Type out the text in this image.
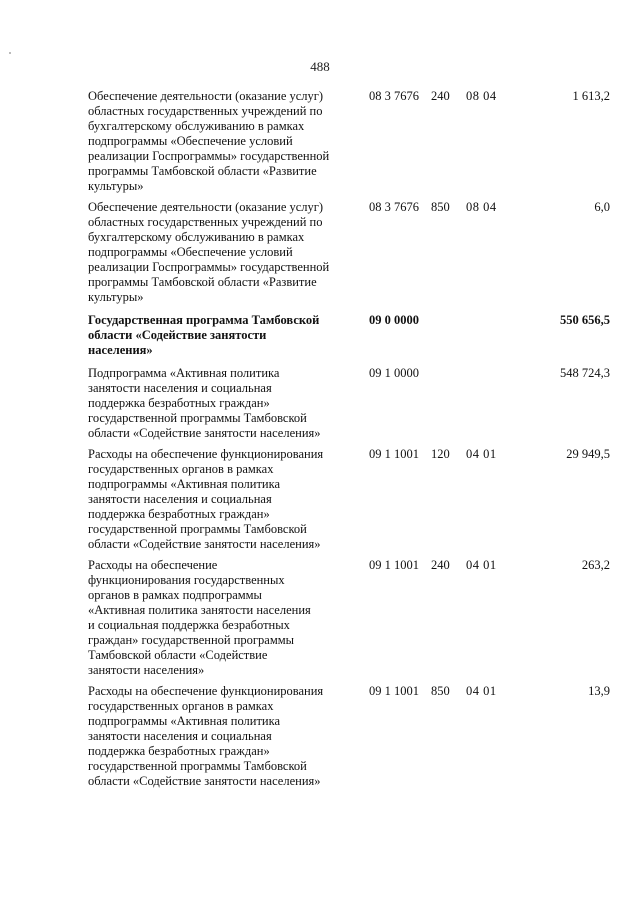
488
Обеспечение деятельности (оказание услуг)
областных государственных учреждений по
бухгалтерскому обслуживанию в рамках
подпрограммы «Обеспечение условий
реализации Госпрограммы» государственной
программы Тамбовской области «Развитие
культуры»
08 3 7676 240 08 04	1 613,2
Обеспечение деятельности (оказание услуг)
областных государственных учреждений по
бухгалтерскому обслуживанию в рамках
подпрограммы «Обеспечение условий
реализации Госпрограммы» государственной
программы Тамбовской области «Развитие
культуры»
08 3 7676 850 08 04	6,0
Государственная программа Тамбовской
области «Содействие занятости
населения»
09 0 0000	550 656,5
Подпрограмма «Активная политика
занятости населения и социальная
поддержка безработных граждан»
государственной программы Тамбовской
области «Содействие занятости населения»
09 1 0000	548 724,3
Расходы на обеспечение функционирования
государственных органов в рамках
подпрограммы «Активная политика
занятости населения и социальная
поддержка безработных граждан»
государственной программы Тамбовской
области «Содействие занятости населения»
09 1 1001 120 04 01	29 949,5
Расходы на обеспечение
функционирования государственных
органов в рамках подпрограммы
«Активная политика занятости населения
и социальная поддержка безработных
граждан» государственной программы
Тамбовской области «Содействие
занятости населения»
09 1 1001 240 04 01	263,2
Расходы на обеспечение функционирования
государственных органов в рамках
подпрограммы «Активная политика
занятости населения и социальная
поддержка безработных граждан»
государственной программы Тамбовской
области «Содействие занятости населения»
09 1 1001 850 04 01	13,9
